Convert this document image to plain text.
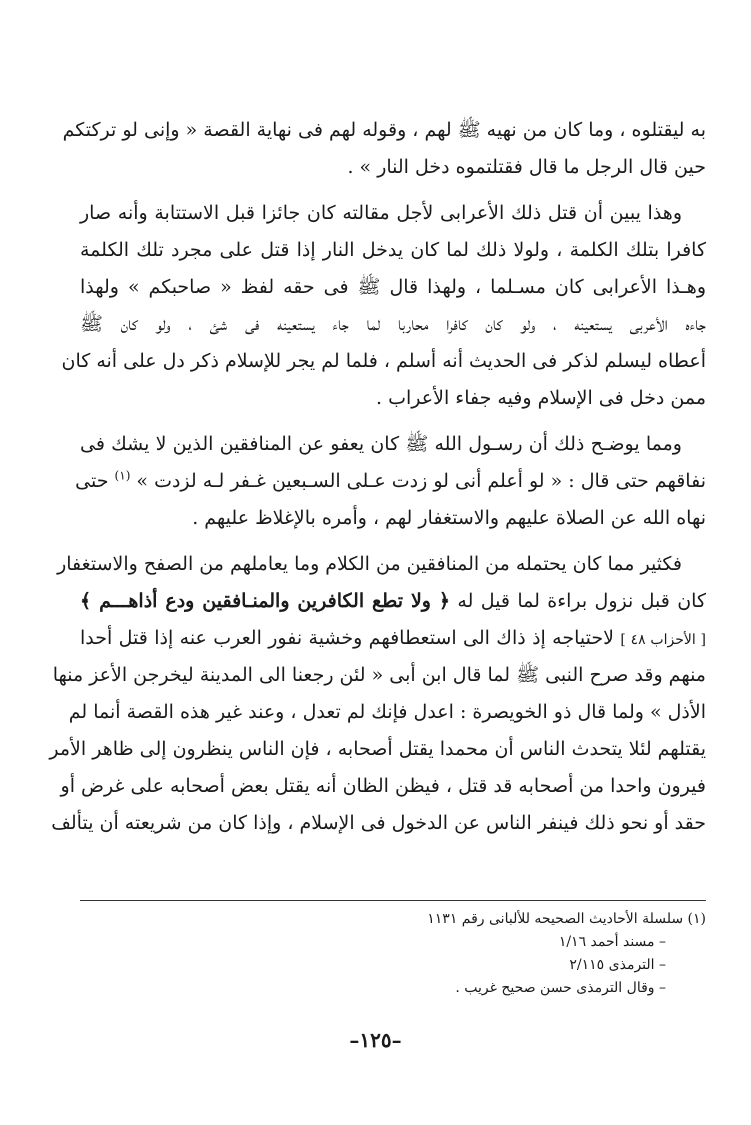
به ليقتلوه ، وما كان من نهيه ﷺ لهم ، وقوله لهم فى نهاية القصة « وإنى لو تركتكم
حين قال الرجل ما قال فقتلتموه دخل النار » .
وهذا يبين أن قتل ذلك الأعرابى لأجل مقالته كان جائزا قبل الاستتابة وأنه صار
كافرا بتلك الكلمة ، ولولا ذلك لما كان يدخل النار إذا قتل على مجرد تلك الكلمة
وهـذا الأعرابى كان مسـلما ، ولهذا قال ﷺ فى حقه لفظ « صاحبكم » ولهذا
جاءه الأعربى يستعينه ، ولو كان كافرا محاربا لما جاء يستعينه فى شئ ، ولو كان ﷺ
أعطاه ليسلم لذكر فى الحديث أنه أسلم ، فلما لم يجر للإسلام ذكر دل على أنه كان
ممن دخل فى الإسلام وفيه جفاء الأعراب .
ومما يوضـح ذلك أن رسـول الله ﷺ كان يعفو عن المنافقين الذين لا يشك فى
نفاقهم حتى قال : « لو أعلم أنى لو زدت عـلى السـبعين غـفر لـه لزدت » $^{(١)}$ حتى
نهاه الله عن الصلاة عليهم والاستغفار لهم ، وأمره بالإغلاظ عليهم .
فكثير مما كان يحتمله من المنافقين من الكلام وما يعاملهم من الصفح والاستغفار
كان قبل نزول براءة لما قيل له ﴿ ولا تطع الكافرين والمنـافقين ودع أذاهـــم ﴾
[ الأحزاب ٤٨ ] لاحتياجه إذ ذاك الى استعطافهم وخشية نفور العرب عنه إذا قتل أحدا
منهم وقد صرح النبى ﷺ لما قال ابن أبى « لئن رجعنا الى المدينة ليخرجن الأعز منها
الأذل » ولما قال ذو الخويصرة : اعدل فإنك لم تعدل ، وعند غير هذه القصة أنما لم
يقتلهم لئلا يتحدث الناس أن محمدا يقتل أصحابه ، فإن الناس ينظرون إلى ظاهر الأمر
فيرون واحدا من أصحابه قد قتل ، فيظن الظان أنه يقتل بعض أصحابه على غرض أو
حقد أو نحو ذلك فينفر الناس عن الدخول فى الإسلام ، وإذا كان من شريعته أن يتألف
(١) سلسلة الأحاديث الصحيحه للألبانى رقم ١١٣١
– مسند أحمد ١/١٦
– الترمذى ٢/١١٥
– وقال الترمذى حسن صحيح غريب .
–١٢٥–
